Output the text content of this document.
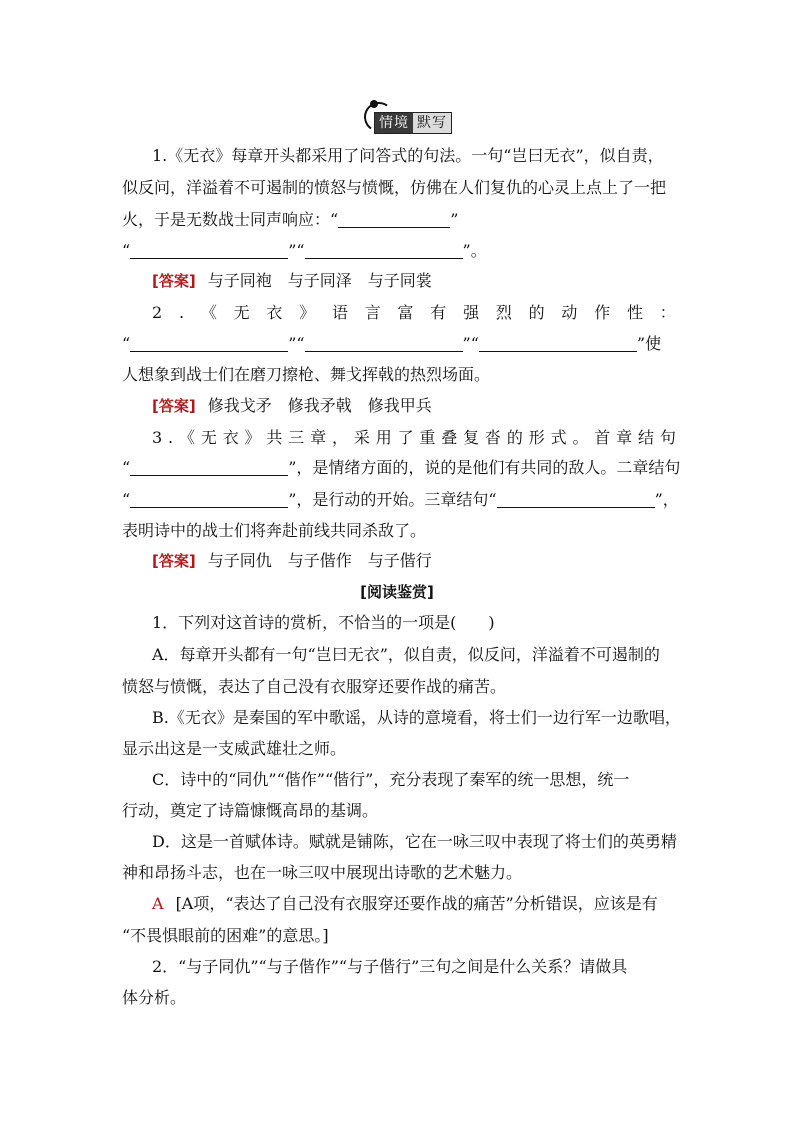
情境 默写
1.《无衣》每章开头都采用了问答式的句法。一句“岂曰无衣”，似自责，
似反问，洋溢着不可遏制的愤怒与愤慨，仿佛在人们复仇的心灵上点上了一把
火，于是无数战士同声响应：“	”
“	”“	”。
[答案] 与子同袍　与子同泽　与子同裳
2 . 《 无 衣 》 语 言 富 有 强 烈 的 动 作 性 ：
“	”“	”“	”使
人想象到战士们在磨刀擦枪、舞戈挥戟的热烈场面。
[答案] 修我戈矛　修我矛戟　修我甲兵
3 . 《 无 衣 》 共 三 章 ， 采 用 了 重 叠 复 沓 的 形 式 。 首 章 结 句
“	”，是情绪方面的，说的是他们有共同的敌人。二章结句
“	”，是行动的开始。三章结句“	”，
表明诗中的战士们将奔赴前线共同杀敌了。
[答案] 与子同仇　与子偕作　与子偕行
[阅读鉴赏]
1．下列对这首诗的赏析，不恰当的一项是(　　)
A．每章开头都有一句“岂曰无衣”，似自责，似反问，洋溢着不可遏制的
愤怒与愤慨，表达了自己没有衣服穿还要作战的痛苦。
B.《无衣》是秦国的军中歌谣，从诗的意境看，将士们一边行军一边歌唱，
显示出这是一支威武雄壮之师。
C．诗中的“同仇”“偕作”“偕行”，充分表现了秦军的统一思想，统一
行动，奠定了诗篇慷慨高昂的基调。
D．这是一首赋体诗。赋就是铺陈，它在一咏三叹中表现了将士们的英勇精
神和昂扬斗志，也在一咏三叹中展现出诗歌的艺术魅力。
A [A项，“表达了自己没有衣服穿还要作战的痛苦”分析错误，应该是有
“不畏惧眼前的困难”的意思。]
2．“与子同仇”“与子偕作”“与子偕行”三句之间是什么关系？请做具
体分析。
